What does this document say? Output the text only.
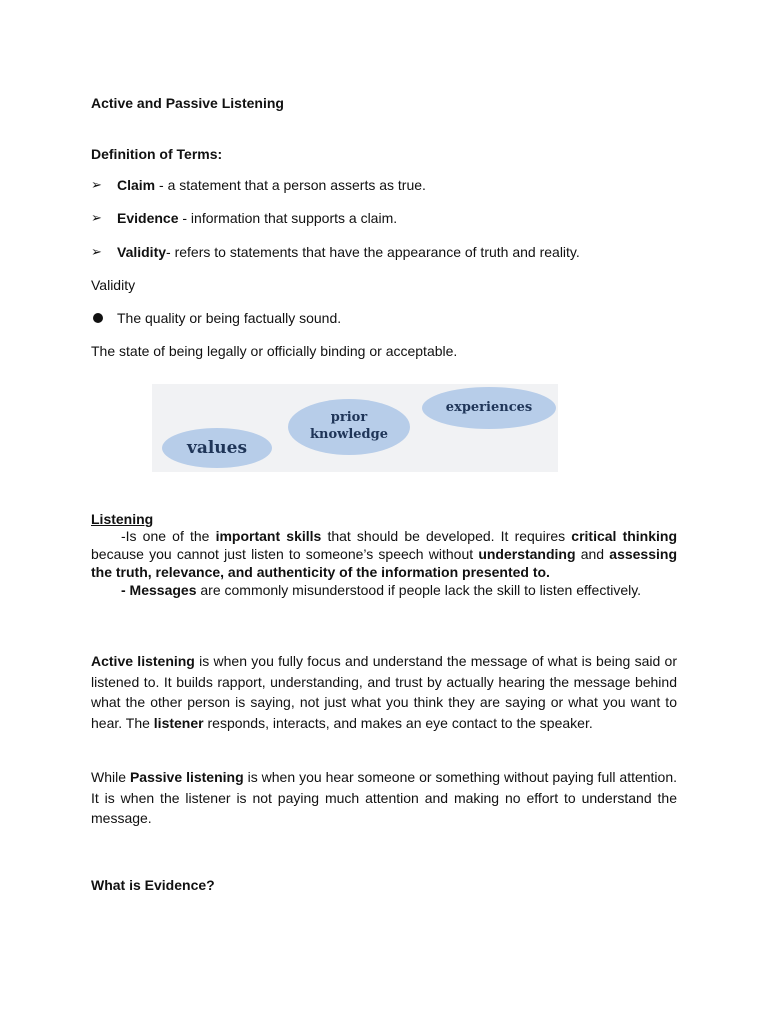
Active and Passive Listening
Definition of Terms:
➢ Claim - a statement that a person asserts as true.
➢ Evidence - information that supports a claim.
➢ Validity- refers to statements that have the appearance of truth and reality.
Validity
The quality or being factually sound.
The state of being legally or officially binding or acceptable.
values
prior
knowledge
experiences
Listening

-Is one of the important skills that should be developed. It requires critical thinking because you cannot just listen to someone’s speech without understanding and assessing the truth, relevance, and authenticity of the information presented to.

- Messages are commonly misunderstood if people lack the skill to listen effectively.

Active listening is when you fully focus and understand the message of what is being said or listened to. It builds rapport, understanding, and trust by actually hearing the message behind what the other person is saying, not just what you think they are saying or what you want to hear. The listener responds, interacts, and makes an eye contact to the speaker.

While Passive listening is when you hear someone or something without paying full attention. It is when the listener is not paying much attention and making no effort to understand the message.
What is Evidence?
